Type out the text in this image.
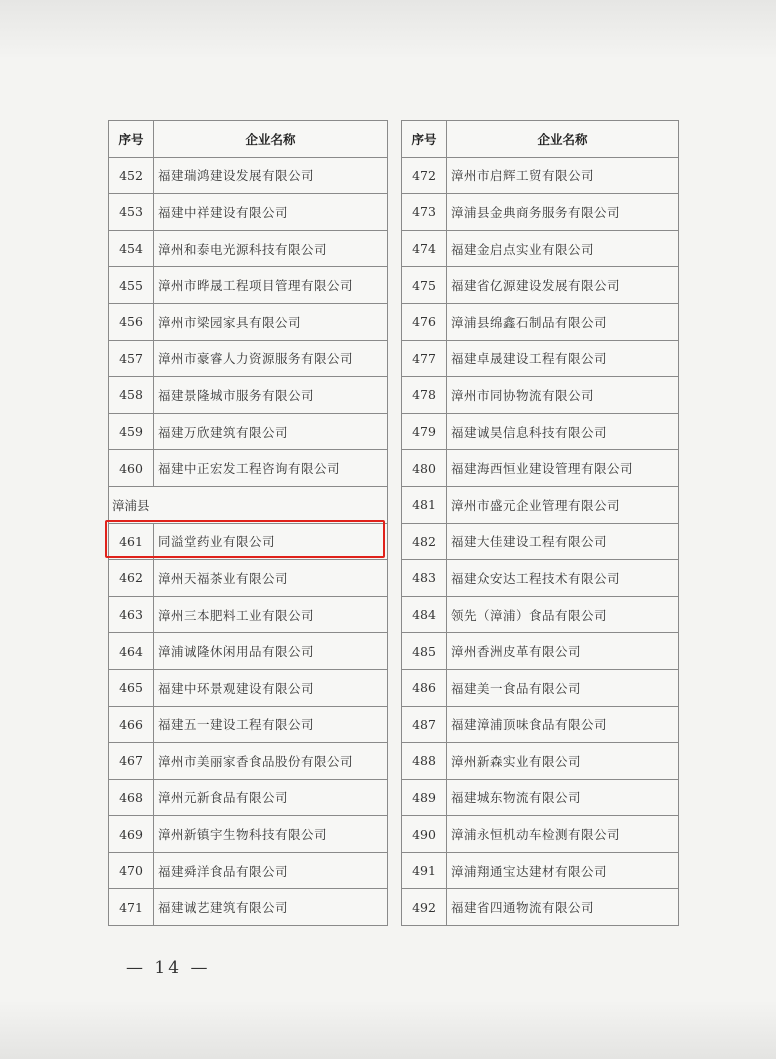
序号	企业名称
452	福建瑞鸿建设发展有限公司
453	福建中祥建设有限公司
454	漳州和泰电光源科技有限公司
455	漳州市晔晟工程项目管理有限公司
456	漳州市梁园家具有限公司
457	漳州市豪睿人力资源服务有限公司
458	福建景隆城市服务有限公司
459	福建万欣建筑有限公司
460	福建中正宏发工程咨询有限公司
漳浦县	
461	同溢堂药业有限公司
462	漳州天福茶业有限公司
463	漳州三本肥料工业有限公司
464	漳浦诚隆休闲用品有限公司
465	福建中环景观建设有限公司
466	福建五一建设工程有限公司
467	漳州市美丽家香食品股份有限公司
468	漳州元新食品有限公司
469	漳州新镇宇生物科技有限公司
470	福建舜洋食品有限公司
471	福建诚艺建筑有限公司
序号	企业名称
472	漳州市启辉工贸有限公司
473	漳浦县金典商务服务有限公司
474	福建金启点实业有限公司
475	福建省亿源建设发展有限公司
476	漳浦县绵鑫石制品有限公司
477	福建卓晟建设工程有限公司
478	漳州市同协物流有限公司
479	福建诚昊信息科技有限公司
480	福建海西恒业建设管理有限公司
481	漳州市盛元企业管理有限公司
482	福建大佳建设工程有限公司
483	福建众安达工程技术有限公司
484	领先（漳浦）食品有限公司
485	漳州香洲皮革有限公司
486	福建美一食品有限公司
487	福建漳浦顶味食品有限公司
488	漳州新森实业有限公司
489	福建城东物流有限公司
490	漳浦永恒机动车检测有限公司
491	漳浦翔通宝达建材有限公司
492	福建省四通物流有限公司
— 14 —
